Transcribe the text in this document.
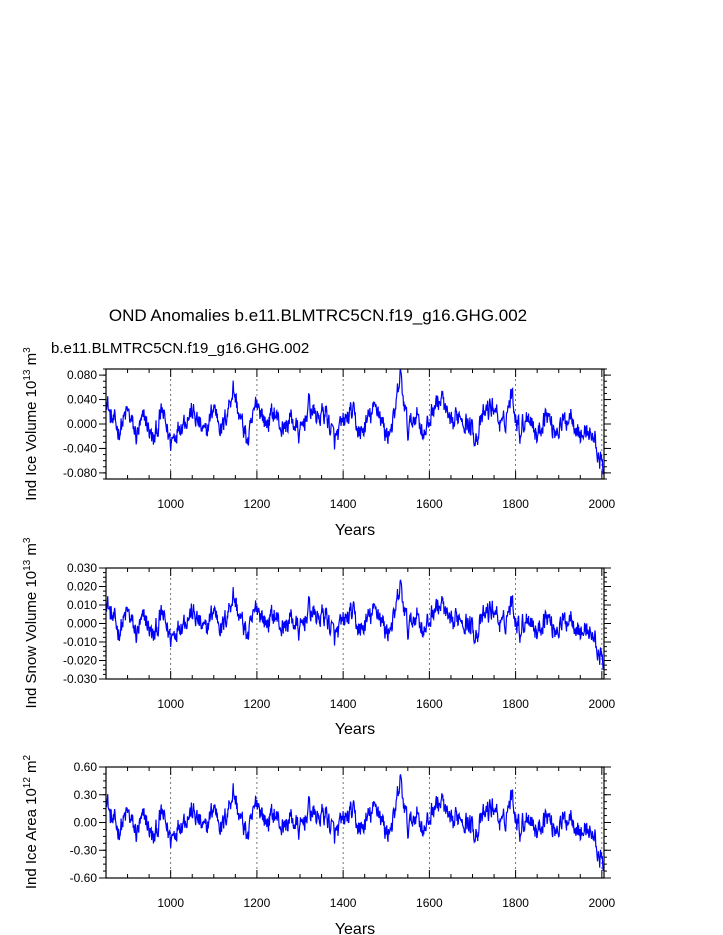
OND Anomalies b.e11.BLMTRC5CN.f19_g16.GHG.002
b.e11.BLMTRC5CN.f19_g16.GHG.002
1000	1200	1400	1600	1800	2000
0.080
0.040
0.000
-0.040
-0.080
Ind Ice Volume $10^{13}$ $m^3$
Years
1000	1200	1400	1600	1800	2000
0.030
0.020
0.010
0.000
-0.010
-0.020
-0.030
Ind Snow Volume $10^{13}$ $m^3$
Years
1000	1200	1400	1600	1800	2000
0.60
0.30
0.00
-0.30
-0.60
Ind Ice Area $10^{12}$ $m^2$
Years
